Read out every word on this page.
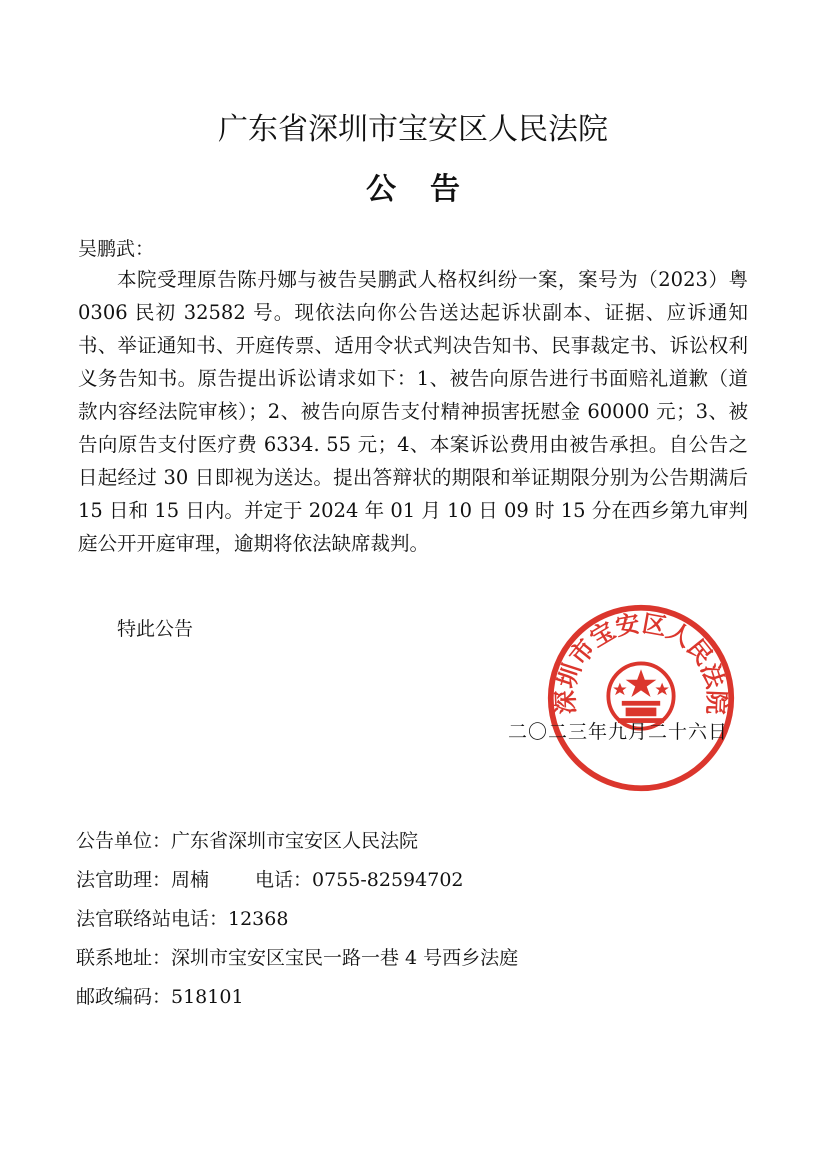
广东省深圳市宝安区人民法院
公告
吴鹏武：

本院受理原告陈丹娜与被告吴鹏武人格权纠纷一案，案号为（2023）粤 0306 民初 32582 号。现依法向你公告送达起诉状副本、证据、应诉通知书、举证通知书、开庭传票、适用令状式判决告知书、民事裁定书、诉讼权利义务告知书。原告提出诉讼请求如下：1、被告向原告进行书面赔礼道歉（道款内容经法院审核）；2、被告向原告支付精神损害抚慰金 60000 元；3、被告向原告支付医疗费 6334. 55 元；4、本案诉讼费用由被告承担。自公告之日起经过 30 日即视为送达。提出答辩状的期限和举证期限分别为公告期满后 15 日和 15 日内。并定于 2024 年 01 月 10 日 09 时 15 分在西乡第九审判庭公开开庭审理，逾期将依法缺席裁判。

特此公告
深圳市宝安区人民法院
二〇二三年九月二十六日
公告单位：广东省深圳市宝安区人民法院
法官助理：周楠 电话：0755-82594702
法官联络站电话：12368
联系地址：深圳市宝安区宝民一路一巷 4 号西乡法庭
邮政编码：518101
